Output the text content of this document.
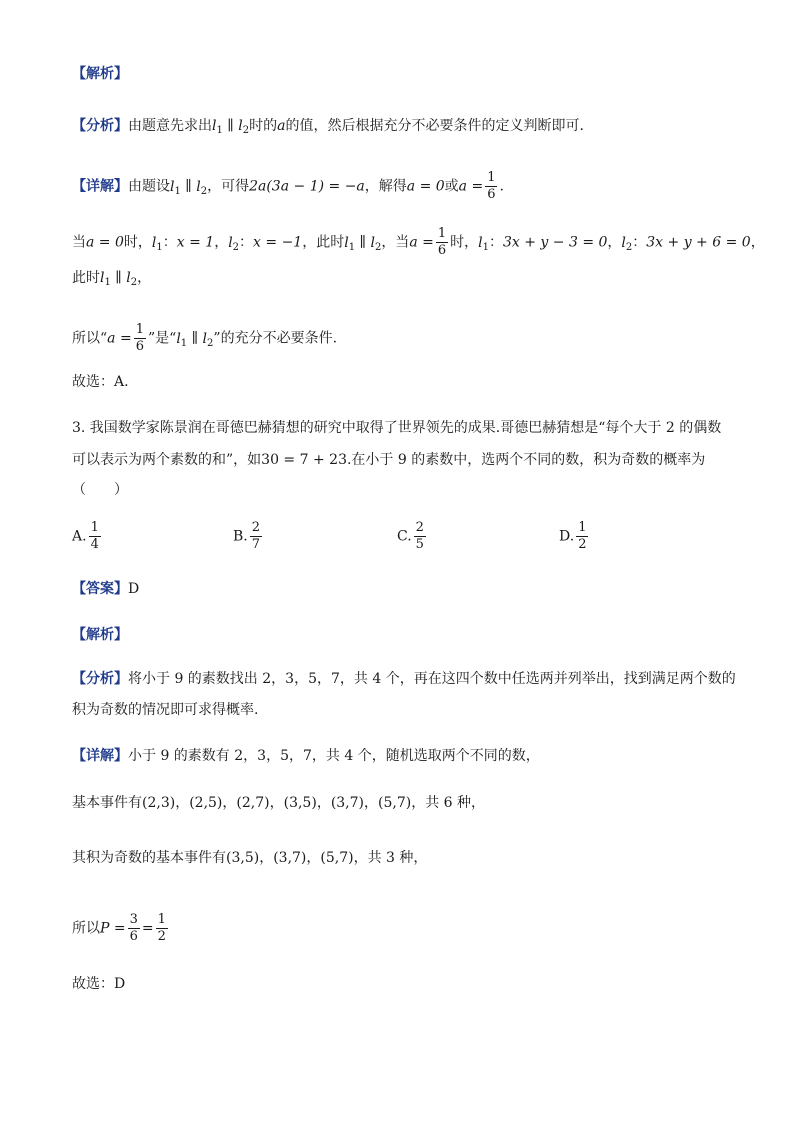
【解析】
【分析】由题意先求出$l_1$ ∥ $l_2$时的a的值，然后根据充分不必要条件的定义判断即可.
【详解】由题设$l_1$ ∥ $l_2$，可得2a(3a − 1) = −a，解得a = 0或$a = \frac{1}{6}$ .
当a = 0时，$l_1$：x = 1，$l_2$：x = −1，此时$l_1$ ∥ $l_2$，当$a = \frac{1}{6}$ 时，$l_1$：3x + y − 3 = 0，$l_2$：3x + y + 6 = 0，
此时$l_1$ ∥ $l_2$，
所以“$a = \frac{1}{6}$ ”是“$l_1$ ∥ $l_2$”的充分不必要条件.
故选：A.
3. 我国数学家陈景润在哥德巴赫猜想的研究中取得了世界领先的成果.哥德巴赫猜想是“每个大于 2 的偶数
可以表示为两个素数的和”，如30 = 7 + 23.在小于 9 的素数中，选两个不同的数，积为奇数的概率为
（　　）
A. $\frac{1}{4}$	B. $\frac{2}{7}$	C. $\frac{2}{5}$	D. $\frac{1}{2}$
【答案】D
【解析】
【分析】将小于 9 的素数找出 2，3，5，7，共 4 个，再在这四个数中任选两并列举出，找到满足两个数的
积为奇数的情况即可求得概率.
【详解】小于 9 的素数有 2，3，5，7，共 4 个，随机选取两个不同的数，
基本事件有(2,3)，(2,5)，(2,7)，(3,5)，(3,7)，(5,7)，共 6 种，
其积为奇数的基本事件有(3,5)，(3,7)，(5,7)，共 3 种，
所以$P = \frac{3}{6} = \frac{1}{2}$
故选：D
